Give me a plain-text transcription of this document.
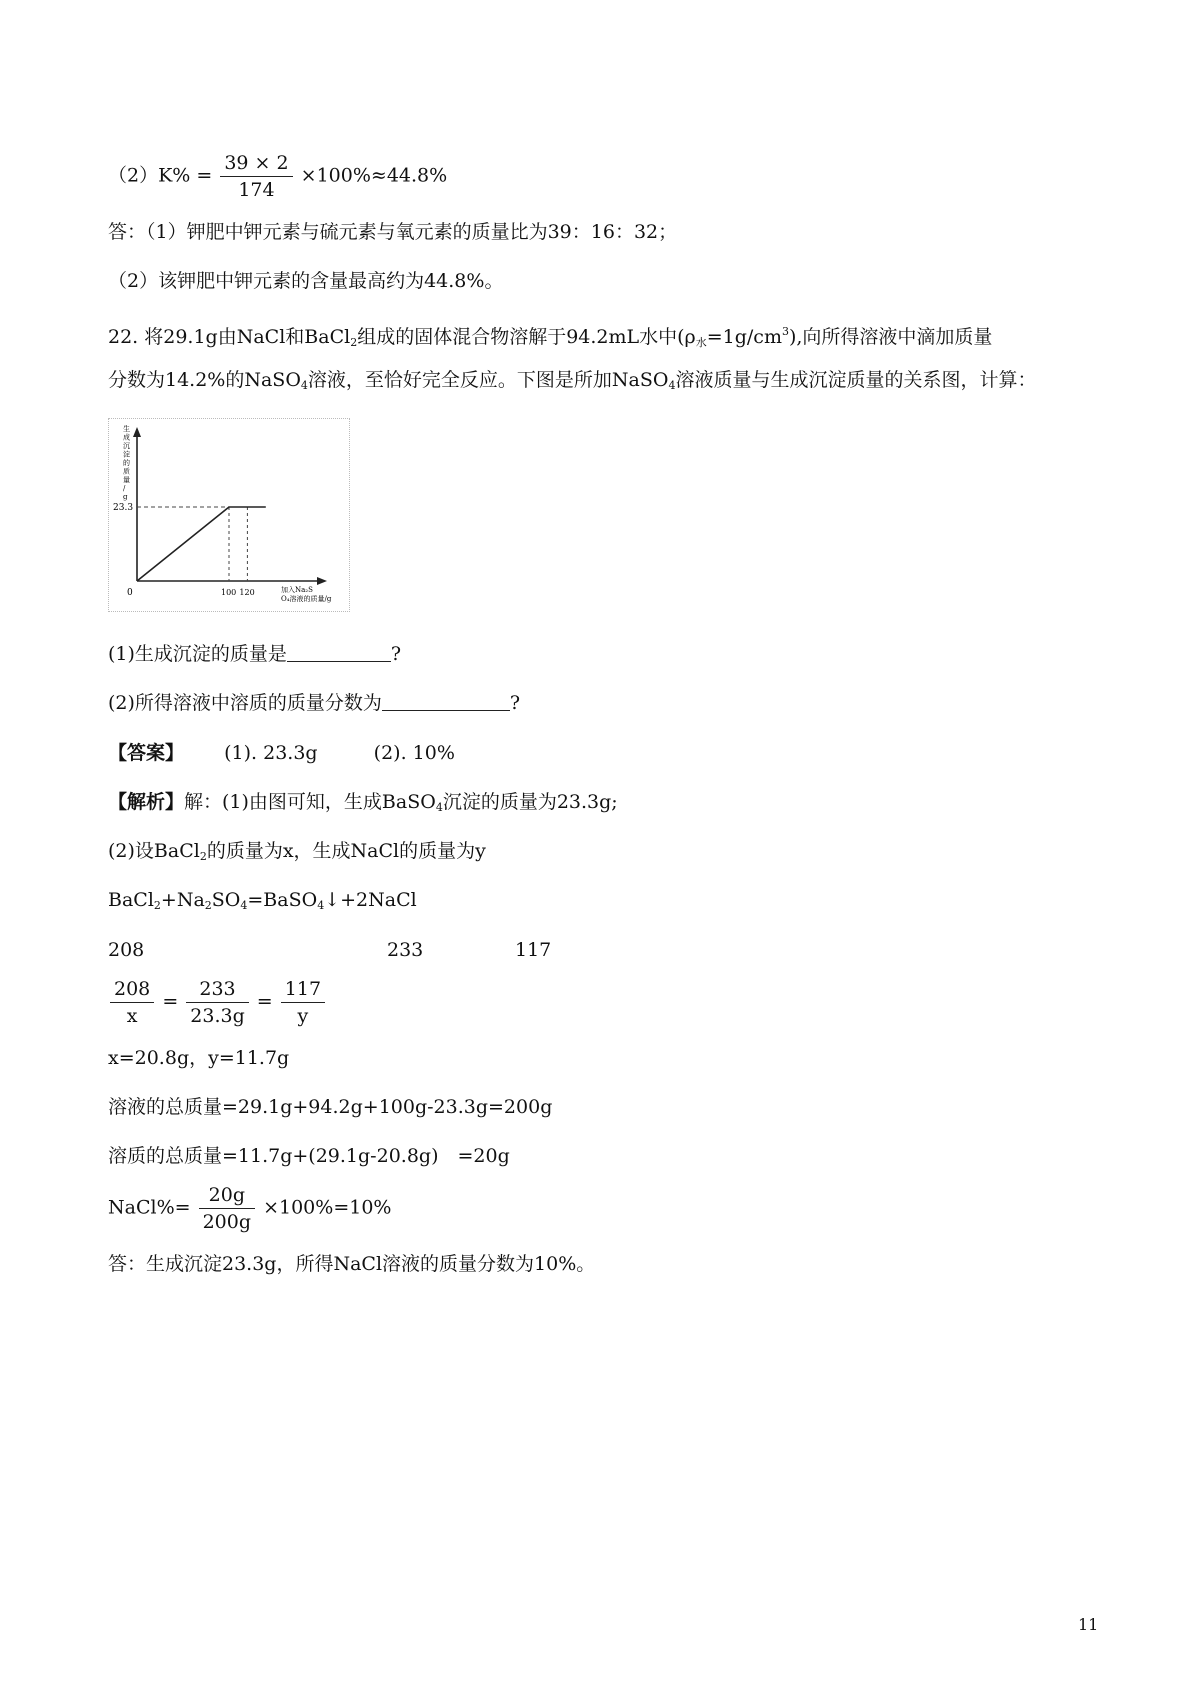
$(2)K\% = \frac{39 \times 2}{174} \times 100\%\approx 44.8\%$
答：（1）钾肥中钾元素与硫元素与氧元素的质量比为39：16：32；
（2）该钾肥中钾元素的含量最高约为44.8%。
22. 将29.1g由NaCl和BaCl$_2$组成的固体混合物溶解于94.2mL水中$(\rho_水=1g/cm^3)$,向所得溶液中滴加质量
分数为14.2%的NaSO$_4$溶液，至恰好完全反应。下图是所加NaSO$_4$溶液质量与生成沉淀质量的关系图，计算：
23.3
0	100 120
生成沉淀的质量/ g
加入Na₂S O₄溶液的质量/g
(1)生成沉淀的质量是	?
(2)所得溶液中溶质的质量分数为	?
【答案】 (1). 23.3g	(2). 10%
【解析】解：(1)由图可知，生成BaSO$_4$沉淀的质量为23.3g;
(2)设BaCl$_2$的质量为x，生成NaCl的质量为y
$BaCl_2+Na_2SO_4=BaSO_4↓+2NaCl$
208	233	117
$\frac{208}{x} = \frac{233}{23.3g} = \frac{117}{y}$
x=20.8g，y=11.7g
溶液的总质量=29.1g+94.2g+100g-23.3g=200g
溶质的总质量=11.7g+(29.1g-20.8g)　=20g
NaCl%= $\frac{20g}{200g} \times 100\%=10\%$
答：生成沉淀23.3g，所得NaCl溶液的质量分数为10%。
11
